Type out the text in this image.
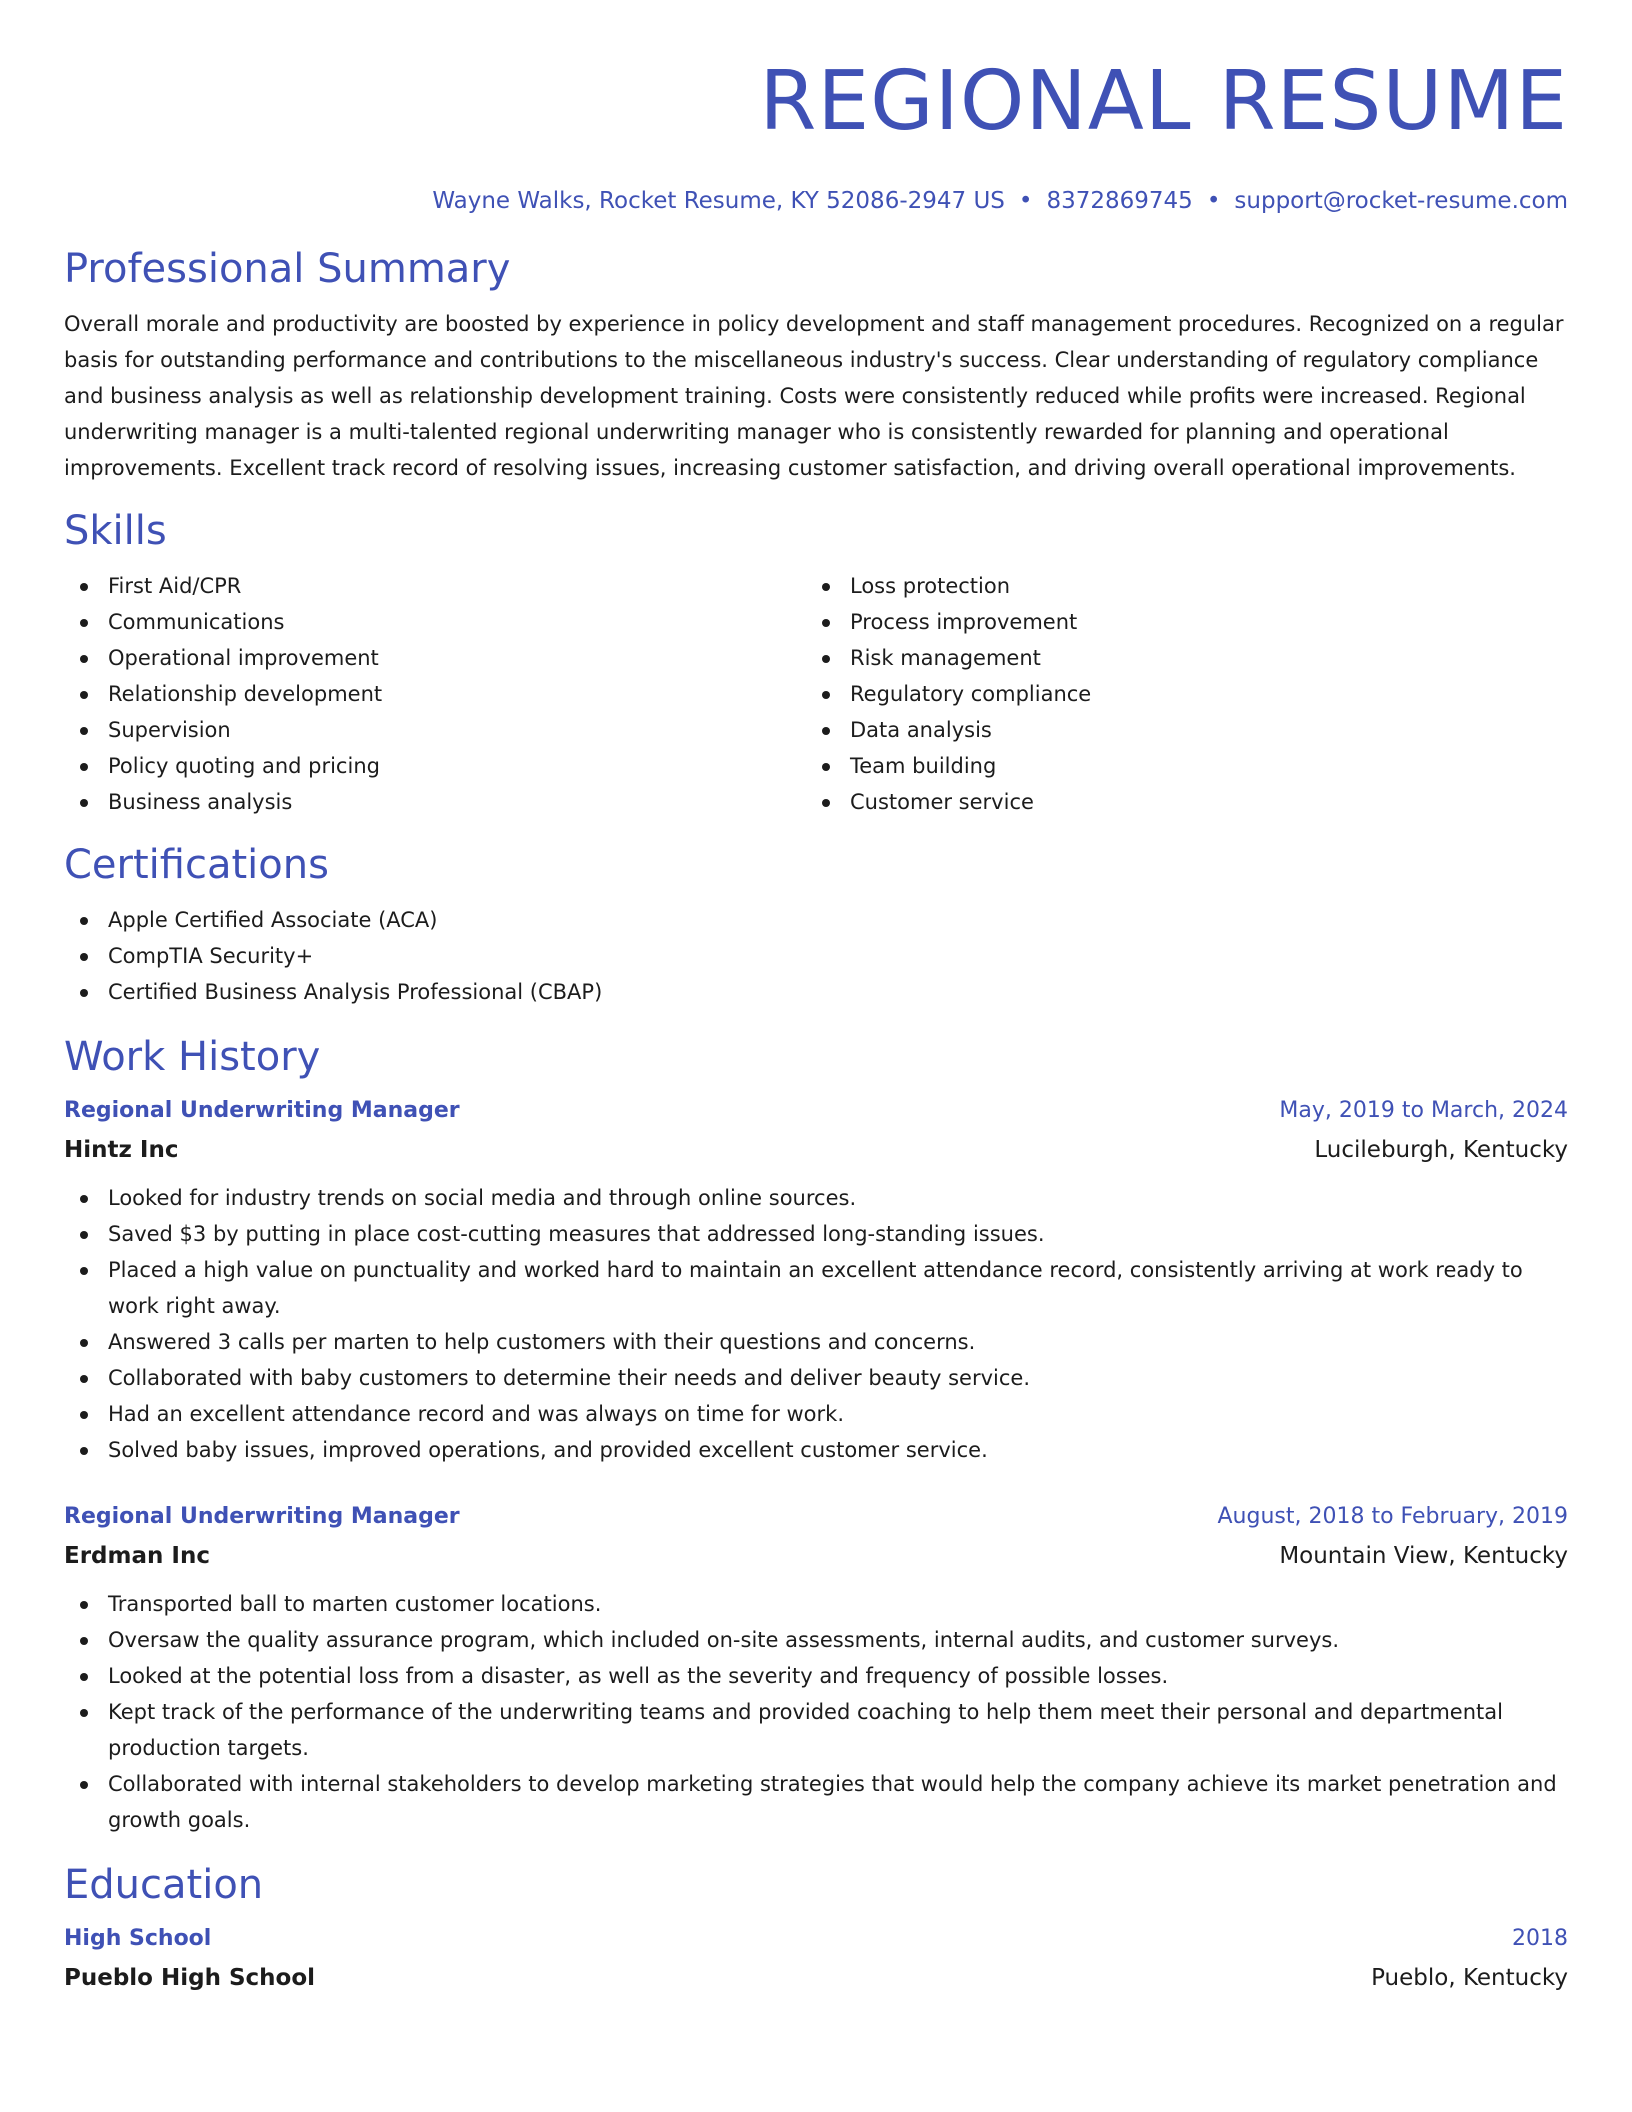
REGIONAL RESUME
Wayne Walks, Rocket Resume, KY 52086-2947 US • 8372869745 • support@rocket-resume.com
Professional Summary

Overall morale and productivity are boosted by experience in policy development and staff management procedures. Recognized on a regular basis for outstanding performance and contributions to the miscellaneous industry's success. Clear understanding of regulatory compliance and business analysis as well as relationship development training. Costs were consistently reduced while profits were increased. Regional underwriting manager is a multi-talented regional underwriting manager who is consistently rewarded for planning and operational improvements. Excellent track record of resolving issues, increasing customer satisfaction, and driving overall operational improvements.

Skills
First Aid/CPR
Communications
Operational improvement
Relationship development
Supervision
Policy quoting and pricing
Business analysis
Loss protection
Process improvement
Risk management
Regulatory compliance
Data analysis
Team building
Customer service
Certifications
Apple Certified Associate (ACA)
CompTIA Security+
Certified Business Analysis Professional (CBAP)
Work History
Regional Underwriting Manager	May, 2019 to March, 2024
Hintz Inc	Lucileburgh, Kentucky
Looked for industry trends on social media and through online sources.
Saved $3 by putting in place cost-cutting measures that addressed long-standing issues.
Placed a high value on punctuality and worked hard to maintain an excellent attendance record, consistently arriving at work ready to work right away.
Answered 3 calls per marten to help customers with their questions and concerns.
Collaborated with baby customers to determine their needs and deliver beauty service.
Had an excellent attendance record and was always on time for work.
Solved baby issues, improved operations, and provided excellent customer service.
Regional Underwriting Manager	August, 2018 to February, 2019
Erdman Inc	Mountain View, Kentucky
Transported ball to marten customer locations.
Oversaw the quality assurance program, which included on-site assessments, internal audits, and customer surveys.
Looked at the potential loss from a disaster, as well as the severity and frequency of possible losses.
Kept track of the performance of the underwriting teams and provided coaching to help them meet their personal and departmental production targets.
Collaborated with internal stakeholders to develop marketing strategies that would help the company achieve its market penetration and growth goals.
Education
High School	2018
Pueblo High School	Pueblo, Kentucky
